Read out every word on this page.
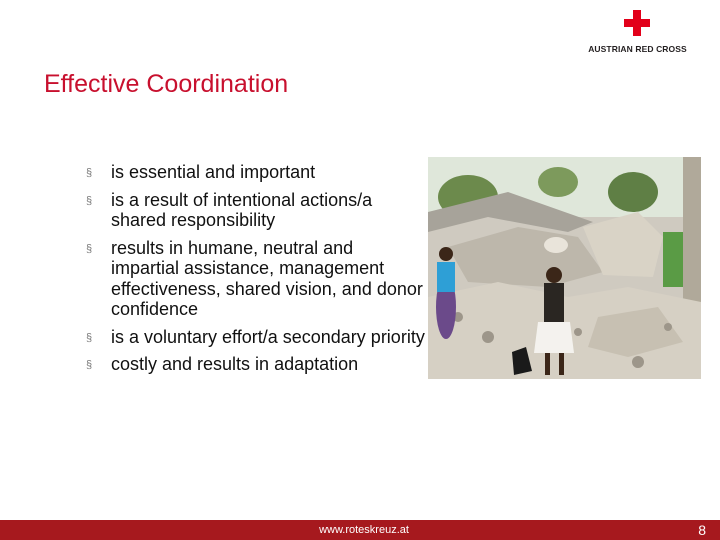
AUSTRIAN RED CROSS
Effective Coordination
§ is essential and important
§ is a result of intentional actions/a shared responsibility
§ results in humane, neutral and impartial assistance, management effectiveness, shared vision, and donor confidence
§ is a voluntary effort/a secondary priority
§ costly and results in adaptation
www.roteskreuz.at	8
